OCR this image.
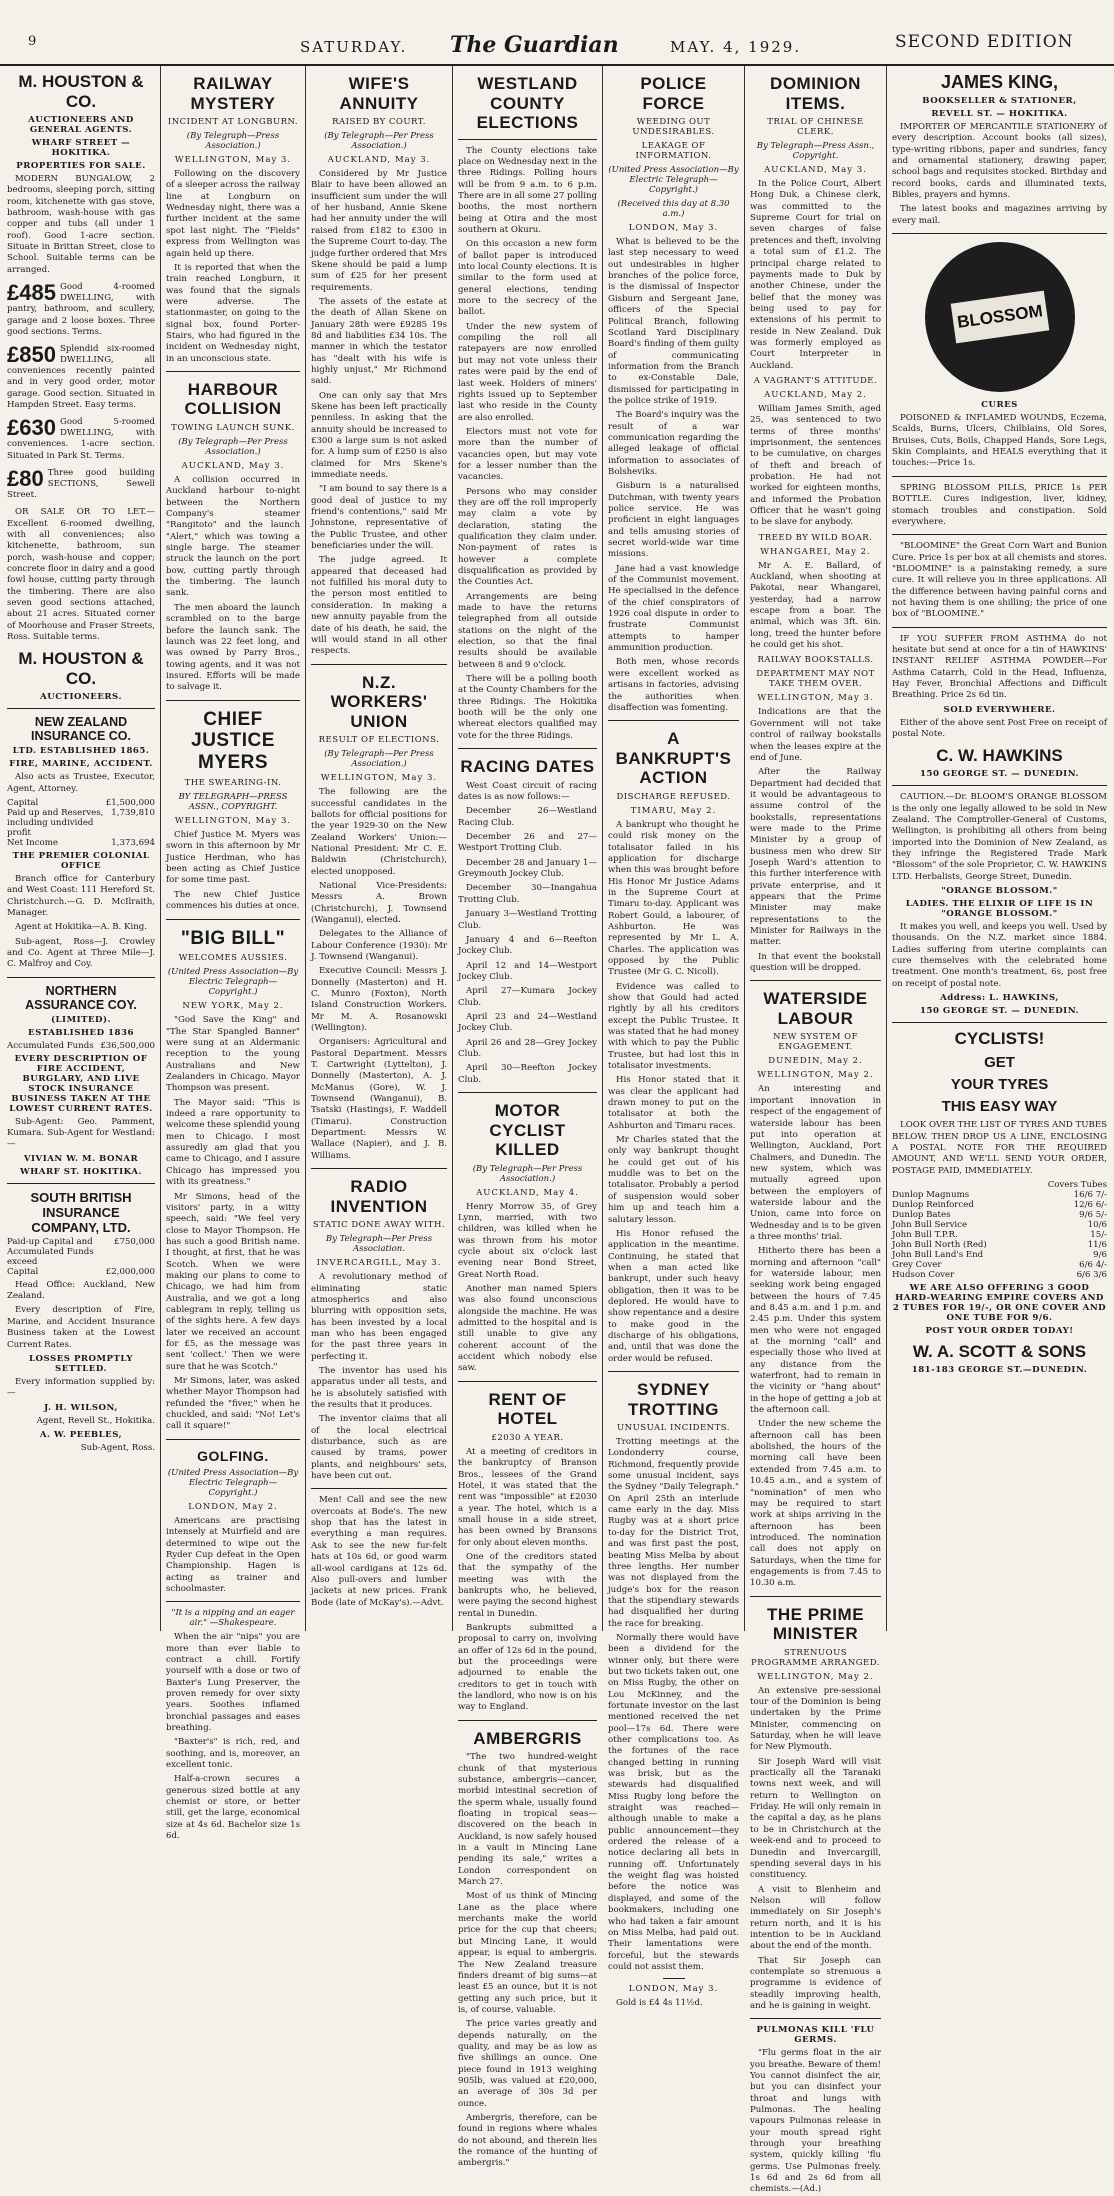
9	SATURDAY. The Guardian	MAY. 4, 1929.	SECOND EDITION
M. HOUSTON & CO.
AUCTIONEERS AND GENERAL AGENTS.
WHARF STREET — HOKITIKA.
PROPERTIES FOR SALE.
MODERN BUNGALOW, 2 bedrooms, sleeping porch, sitting room, kitchenette with gas stove, bathroom, wash-house with gas copper and tubs (all under 1 roof). Good 1-acre section. Situate in Brittan Street, close to School. Suitable terms can be arranged.
£485 Good 4-roomed DWELLING, with pantry, bathroom, and scullery, garage and 2 loose boxes. Three good sections. Terms.
£850 Splendid six-roomed DWELLING, all conveniences recently painted and in very good order, motor garage. Good section. Situated in Hampden Street. Easy terms.
£630 Good 5-roomed DWELLING, with conveniences. 1-acre section. Situated in Park St. Terms.
£80 Three good building SECTIONS, Sewell Street.
OR SALE OR TO LET.—Excellent 6-roomed dwelling, with all conveniences; also kitchenette, bathroom, sun porch, wash-house and copper; concrete floor in dairy and a good fowl house, cutting party through the timbering. There are also seven good sections attached, about 21 acres. Situated corner of Moorhouse and Fraser Streets, Ross. Suitable terms.
M. HOUSTON & CO.
AUCTIONEERS.
NEW ZEALAND INSURANCE CO.
LTD. ESTABLISHED 1865.
FIRE, MARINE, ACCIDENT.
Also acts as Trustee, Executor, Agent, Attorney.
Capital	£1,500,000
Paid up and Reserves, including undivided profit
1,739,810
Net Income	1,373,694
THE PREMIER COLONIAL OFFICE
Branch office for Canterbury and West Coast: 111 Hereford St. Christchurch.—G. D. McIlraith, Manager.
Agent at Hokitika—A. B. King.
Sub-agent, Ross—J. Crowley and Co. Agent at Three Mile—J. C. Malfroy and Coy.
NORTHERN ASSURANCE COY.
(LIMITED).
ESTABLISHED 1836
Accumulated Funds £36,500,000
EVERY DESCRIPTION OF FIRE ACCIDENT, BURGLARY, AND LIVE STOCK INSURANCE BUSINESS TAKEN AT THE LOWEST CURRENT RATES.
Sub-Agent: Geo. Pamment, Kumara. Sub-Agent for Westland:—
VIVIAN W. M. BONAR
WHARF ST. HOKITIKA.
SOUTH BRITISH INSURANCE COMPANY, LTD.
Paid-up Capital and Accumulated Funds exceed
£750,000
Capital	£2,000,000
Head Office: Auckland, New Zealand.
Every description of Fire, Marine, and Accident Insurance Business taken at the Lowest Current Rates.
LOSSES PROMPTLY SETTLED.
Every information supplied by:—
J. H. WILSON,
Agent, Revell St., Hokitika.
A. W. PEEBLES,
Sub-Agent, Ross.
RAILWAY MYSTERY
INCIDENT AT LONGBURN.
(By Telegraph—Press Association.)
WELLINGTON, May 3.
Following on the discovery of a sleeper across the railway line at Longburn on Wednesday night, there was a further incident at the same spot last night. The "Fields" express from Wellington was again held up there.
It is reported that when the train reached Longburn, it was found that the signals were adverse. The stationmaster, on going to the signal box, found Porter-Stairs, who had figured in the incident on Wednesday night, in an unconscious state.
HARBOUR COLLISION
TOWING LAUNCH SUNK.
(By Telegraph—Per Press Association.)
AUCKLAND, May 3.
A collision occurred in Auckland harbour to-night between the Northern Company's steamer "Rangitoto" and the launch "Alert," which was towing a single barge. The steamer struck the launch on the port bow, cutting partly through the timbering. The launch sank.
The men aboard the launch scrambled on to the barge before the launch sank. The launch was 22 feet long, and was owned by Parry Bros., towing agents, and it was not insured. Efforts will be made to salvage it.
CHIEF JUSTICE MYERS
THE SWEARING-IN.
BY TELEGRAPH—PRESS ASSN., COPYRIGHT.
WELLINGTON, May 3.
Chief Justice M. Myers was sworn in this afternoon by Mr Justice Herdman, who has been acting as Chief Justice for some time past.
The new Chief Justice commences his duties at once.
"BIG BILL"
WELCOMES AUSSIES.
(United Press Association—By Electric Telegraph—Copyright.)
NEW YORK, May 2.
"God Save the King" and "The Star Spangled Banner" were sung at an Aldermanic reception to the young Australians and New Zealanders in Chicago. Mayor Thompson was present.
The Mayor said: "This is indeed a rare opportunity to welcome these splendid young men to Chicago. I most assuredly am glad that you came to Chicago, and I assure Chicago has impressed you with its greatness."
Mr Simons, head of the visitors' party, in a witty speech, said: "We feel very close to Mayor Thompson. He has such a good British name. I thought, at first, that he was Scotch. When we were making our plans to come to Chicago, we had him from Australia, and we got a long cablegram in reply, telling us of the sights here. A few days later we received an account for £5, as the message was sent 'collect.' Then we were sure that he was Scotch."
Mr Simons, later, was asked whether Mayor Thompson had refunded the "fiver," when he chuckled, and said: "No! Let's call it square!"
GOLFING.
(United Press Association—By Electric Telegraph—Copyright.)
LONDON, May 2.
Americans are practising intensely at Muirfield and are determined to wipe out the Ryder Cup defeat in the Open Championship. Hagen is acting as trainer and schoolmaster.
"It is a nipping and an eager air." —Shakespeare.
When the air "nips" you are more than ever liable to contract a chill. Fortify yourself with a dose or two of Baxter's Lung Preserver, the proven remedy for over sixty years. Soothes inflamed bronchial passages and eases breathing.
"Baxter's" is rich, red, and soothing, and is, moreover, an excellent tonic.
Half-a-crown secures a generous sized bottle at any chemist or store, or better still, get the large, economical size at 4s 6d. Bachelor size 1s 6d.
WIFE'S ANNUITY
RAISED BY COURT.
(By Telegraph—Per Press Association.)
AUCKLAND, May 3.
Considered by Mr Justice Blair to have been allowed an insufficient sum under the will of her husband, Annie Skene had her annuity under the will raised from £182 to £300 in the Supreme Court to-day. The judge further ordered that Mrs Skene should be paid a lump sum of £25 for her present requirements.
The assets of the estate at the death of Allan Skene on January 28th were £9285 19s 8d and liabilities £34 10s. The manner in which the testator has "dealt with his wife is highly unjust," Mr Richmond said.
One can only say that Mrs Skene has been left practically penniless. In asking that the annuity should be increased to £300 a large sum is not asked for. A lump sum of £250 is also claimed for Mrs Skene's immediate needs.
"I am bound to say there is a good deal of justice to my friend's contentions," said Mr Johnstone, representative of the Public Trustee, and other beneficiaries under the will.
The judge agreed. It appeared that deceased had not fulfilled his moral duty to the person most entitled to consideration. In making a new annuity payable from the date of his death, he said, the will would stand in all other respects.
N.Z. WORKERS' UNION
RESULT OF ELECTIONS.
(By Telegraph—Per Press Association.)
WELLINGTON, May 3.
The following are the successful candidates in the ballots for official positions for the year 1929-30 on the New Zealand Workers' Union:—National President: Mr C. E. Baldwin (Christchurch), elected unopposed.
National Vice-Presidents: Messrs A. Brown (Christchurch), J. Townsend (Wanganui), elected.
Delegates to the Alliance of Labour Conference (1930): Mr J. Townsend (Wanganui).
Executive Council: Messrs J. Donnelly (Masterton) and H. C. Munro (Foxton), North Island Construction Workers. Mr M. A. Rosanowski (Wellington).
Organisers: Agricultural and Pastoral Department. Messrs T. Cartwright (Lyttelton), J. Donnelly (Masterton), A. J. McManus (Gore), W. J. Townsend (Wanganui), B. Tsatski (Hastings), F. Waddell (Timaru). Construction Department: Messrs W. Wallace (Napier), and J. B. Williams.
RADIO INVENTION
STATIC DONE AWAY WITH.
By Telegraph—Per Press Association.
INVERCARGILL, May 3.
A revolutionary method of eliminating static atmospherics and also blurring with opposition sets, has been invested by a local man who has been engaged for the past three years in perfecting it.
The inventor has used his apparatus under all tests, and he is absolutely satisfied with the results that it produces.
The inventor claims that all of the local electrical disturbance, such as are caused by trams, power plants, and neighbours' sets, have been cut out.
Men! Call and see the new overcoats at Bode's. The new shop that has the latest in everything a man requires. Ask to see the new fur-felt hats at 10s 6d, or good warm all-wool cardigans at 12s 6d. Also pull-overs and lumber jackets at new prices. Frank Bode (late of McKay's).—Advt.
WESTLAND COUNTY ELECTIONS
The County elections take place on Wednesday next in the three Ridings. Polling hours will be from 9 a.m. to 6 p.m. There are in all some 27 polling booths, the most northern being at Otira and the most southern at Okuru.
On this occasion a new form of ballot paper is introduced into local County elections. It is similar to the form used at general elections, tending more to the secrecy of the ballot.
Under the new system of compiling the roll all ratepayers are now enrolled but may not vote unless their rates were paid by the end of last week. Holders of miners' rights issued up to September last who reside in the County are also enrolled.
Electors must not vote for more than the number of vacancies open, but may vote for a lesser number than the vacancies.
Persons who may consider they are off the roll improperly may claim a vote by declaration, stating the qualification they claim under. Non-payment of rates is however a complete disqualification as provided by the Counties Act.
Arrangements are being made to have the returns telegraphed from all outside stations on the night of the election, so that the final results should be available between 8 and 9 o'clock.
There will be a polling booth at the County Chambers for the three Ridings. The Hokitika booth will be the only one whereat electors qualified may vote for the three Ridings.
RACING DATES
West Coast circuit of racing dates is as now follows:—
December 26—Westland Racing Club.
December 26 and 27—Westport Trotting Club.
December 28 and January 1—Greymouth Jockey Club.
December 30—Inangahua Trotting Club.
January 3—Westland Trotting Club.
January 4 and 6—Reefton Jockey Club.
April 12 and 14—Westport Jockey Club.
April 27—Kumara Jockey Club.
April 23 and 24—Westland Jockey Club.
April 26 and 28—Grey Jockey Club.
April 30—Reefton Jockey Club.
MOTOR CYCLIST KILLED
(By Telegraph—Per Press Association.)
AUCKLAND, May 4.
Henry Morrow 35, of Grey Lynn, married, with two children, was killed when he was thrown from his motor cycle about six o'clock last evening near Bond Street, Great North Road.
Another man named Spiers was also found unconscious alongside the machine. He was admitted to the hospital and is still unable to give any coherent account of the accident which nobody else saw.
RENT OF HOTEL
£2030 A YEAR.
At a meeting of creditors in the bankruptcy of Branson Bros., lessees of the Grand Hotel, it was stated that the rent was "impossible" at £2030 a year. The hotel, which is a small house in a side street, has been owned by Bransons for only about eleven months.
One of the creditors stated that the sympathy of the meeting was with the bankrupts who, he believed, were paying the second highest rental in Dunedin.
Bankrupts submitted a proposal to carry on, involving an offer of 12s 6d in the pound, but the proceedings were adjourned to enable the creditors to get in touch with the landlord, who now is on his way to England.
AMBERGRIS
"The two hundred-weight chunk of that mysterious substance, ambergris—cancer, morbid intestinal secretion of the sperm whale, usually found floating in tropical seas—discovered on the beach in Auckland, is now safely housed in a vault in Mincing Lane pending its sale," writes a London correspondent on March 27.
Most of us think of Mincing Lane as the place where merchants make the world price for the cup that cheers; but Mincing Lane, it would appear, is equal to ambergris. The New Zealand treasure finders dreamt of big sums—at least £5 an ounce, but it is not getting any such price, but it is, of course, valuable.
The price varies greatly and depends naturally, on the quality, and may be as low as five shillings an ounce. One piece found in 1913 weighing 905lb, was valued at £20,000, an average of 30s 3d per ounce.
Ambergris, therefore, can be found in regions where whales do not abound, and therein lies the romance of the hunting of ambergris."
POLICE FORCE
WEEDING OUT UNDESIRABLES.
LEAKAGE OF INFORMATION.
(United Press Association—By Electric Telegraph—Copyright.)
(Received this day at 8.30 a.m.)
LONDON, May 3.
What is believed to be the last step necessary to weed out undesirables in higher branches of the police force, is the dismissal of Inspector Gisburn and Sergeant Jane, officers of the Special Political Branch, following Scotland Yard Disciplinary Board's finding of them guilty of communicating information from the Branch to ex-Constable Dale, dismissed for participating in the police strike of 1919.
The Board's inquiry was the result of a war communication regarding the alleged leakage of official information to associates of Bolsheviks.
Gisburn is a naturalised Dutchman, with twenty years police service. He was proficient in eight languages and tells amusing stories of secret world-wide war time missions.
Jane had a vast knowledge of the Communist movement. He specialised in the defence of the chief conspirators of 1926 coal dispute in order to frustrate Communist attempts to hamper ammunition production.
Both men, whose records were excellent worked as artisans in factories, advising the authorities when disaffection was fomenting.
A BANKRUPT'S ACTION
DISCHARGE REFUSED.
TIMARU, May 2.
A bankrupt who thought he could risk money on the totalisator failed in his application for discharge when this was brought before His Honor Mr Justice Adams in the Supreme Court at Timaru to-day. Applicant was Robert Gould, a labourer, of Ashburton. He was represented by Mr L. A. Charles. The application was opposed by the Public Trustee (Mr G. C. Nicoll).
Evidence was called to show that Gould had acted rightly by all his creditors except the Public Trustee. It was stated that he had money with which to pay the Public Trustee, but had lost this in totalisator investments.
His Honor stated that it was clear the applicant had drawn money to put on the totalisator at both the Ashburton and Timaru races.
Mr Charles stated that the only way bankrupt thought he could get out of his muddle was to bet on the totalisator. Probably a period of suspension would sober him up and teach him a salutary lesson.
His Honor refused the application in the meantime. Continuing, he stated that when a man acted like bankrupt, under such heavy obligation, then it was to be deplored. He would have to show repentance and a desire to make good in the discharge of his obligations, and, until that was done the order would be refused.
SYDNEY TROTTING
UNUSUAL INCIDENTS.
Trotting meetings at the Londonderry course, Richmond, frequently provide some unusual incident, says the Sydney "Daily Telegraph." On April 25th an interlude came early in the day. Miss Rugby was at a short price to-day for the District Trot, and was first past the post, beating Miss Melba by about three lengths. Her number was not displayed from the judge's box for the reason that the stipendiary stewards had disqualified her during the race for breaking.
Normally there would have been a dividend for the winner only, but there were but two tickets taken out, one on Miss Rugby, the other on Lou McKinney, and the fortunate investor on the last mentioned received the net pool—17s 6d. There were other complications too. As the fortunes of the race changed betting in running was brisk, but as the stewards had disqualified Miss Rugby long before the straight was reached—although unable to make a public announcement—they ordered the release of a notice declaring all bets in running off. Unfortunately the weight flag was hoisted before the notice was displayed, and some of the bookmakers, including one who had taken a fair amount on Miss Melba, had paid out. Their lamentations were forceful, but the stewards could not assist them.
LONDON, May 3.
Gold is £4 4s 11½d.
DOMINION ITEMS.
TRIAL OF CHINESE CLERK.
By Telegraph—Press Assn., Copyright.
AUCKLAND, May 3.
In the Police Court, Albert Hong Duk, a Chinese clerk, was committed to the Supreme Court for trial on seven charges of false pretences and theft, involving a total sum of £1.2. The principal charge related to payments made to Duk by another Chinese, under the belief that the money was being used to pay for extensions of his permit to reside in New Zealand. Duk was formerly employed as Court Interpreter in Auckland.
A VAGRANT'S ATTITUDE.
AUCKLAND, May 2.
William James Smith, aged 25, was sentenced to two terms of three months' imprisonment, the sentences to be cumulative, on charges of theft and breach of probation. He had not worked for eighteen months, and informed the Probation Officer that he wasn't going to be slave for anybody.
TREED BY WILD BOAR.
WHANGAREI, May 2.
Mr A. E. Ballard, of Auckland, when shooting at Pakotai, near Whangarei, yesterday, had a narrow escape from a boar. The animal, which was 3ft. 6in. long, treed the hunter before he could get his shot.
RAILWAY BOOKSTALLS.
DEPARTMENT MAY NOT TAKE THEM OVER.
WELLINGTON, May 3.
Indications are that the Government will not take control of railway bookstalls when the leases expire at the end of June.
After the Railway Department had decided that it would be advantageous to assume control of the bookstalls, representations were made to the Prime Minister by a group of business men who drew Sir Joseph Ward's attention to this further interference with private enterprise, and it appears that the Prime Minister may make representations to the Minister for Railways in the matter.
In that event the bookstall question will be dropped.
WATERSIDE LABOUR
NEW SYSTEM OF ENGAGEMENT.
DUNEDIN, May 2.
WELLINGTON, May 2.
An interesting and important innovation in respect of the engagement of waterside labour has been put into operation at Wellington, Auckland, Port Chalmers, and Dunedin. The new system, which was mutually agreed upon between the employers of waterside labour and the Union, came into force on Wednesday and is to be given a three months' trial.
Hitherto there has been a morning and afternoon "call" for waterside labour, men seeking work being engaged between the hours of 7.45 and 8.45 a.m. and 1 p.m. and 2.45 p.m. Under this system men who were not engaged at the morning "call" and especially those who lived at any distance from the waterfront, had to remain in the vicinity or "hang about" in the hope of getting a job at the afternoon call.
Under the new scheme the afternoon call has been abolished, the hours of the morning call have been extended from 7.45 a.m. to 10.45 a.m., and a system of "nomination" of men who may be required to start work at ships arriving in the afternoon has been introduced. The nomination call does not apply on Saturdays, when the time for engagements is from 7.45 to 10.30 a.m.
THE PRIME MINISTER
STRENUOUS PROGRAMME ARRANGED.
WELLINGTON, May 2.
An extensive pre-sessional tour of the Dominion is being undertaken by the Prime Minister, commencing on Saturday, when he will leave for New Plymouth.
Sir Joseph Ward will visit practically all the Taranaki towns next week, and will return to Wellington on Friday. He will only remain in the capital a day, as he plans to be in Christchurch at the week-end and to proceed to Dunedin and Invercargill, spending several days in his constituency.
A visit to Blenheim and Nelson will follow immediately on Sir Joseph's return north, and it is his intention to be in Auckland about the end of the month.
That Sir Joseph can contemplate so strenuous a programme is evidence of steadily improving health, and he is gaining in weight.
PULMONAS KILL 'FLU GERMS.
"Flu germs float in the air you breathe. Beware of them! You cannot disinfect the air, but you can disinfect your throat and lungs with Pulmonas. The healing vapours Pulmonas release in your mouth spread right through your breathing system, quickly killing 'flu germs. Use Pulmonas freely. 1s 6d and 2s 6d from all chemists.—(Ad.)
JAMES KING,
BOOKSELLER & STATIONER,
REVELL ST. — HOKITIKA.
IMPORTER OF MERCANTILE STATIONERY of every description. Account books (all sizes), type-writing ribbons, paper and sundries, fancy and ornamental stationery, drawing paper, school bags and requisites stocked. Birthday and record books, cards and illuminated texts, Bibles, prayers and hymns.
The latest books and magazines arriving by every mail.
BLOSSOM
CURES
POISONED & INFLAMED WOUNDS, Eczema, Scalds, Burns, Ulcers, Chilblains, Old Sores, Bruises, Cuts, Boils, Chapped Hands, Sore Legs, Skin Complaints, and HEALS everything that it touches:—Price 1s.
SPRING BLOSSOM PILLS, PRICE 1s PER BOTTLE. Cures indigestion, liver, kidney, stomach troubles and constipation. Sold everywhere.
"BLOOMINE" the Great Corn Wart and Bunion Cure. Price 1s per box at all chemists and stores. "BLOOMINE" is a painstaking remedy, a sure cure. It will relieve you in three applications. All the difference between having painful corns and not having them is one shilling; the price of one box of "BLOOMINE."
IF YOU SUFFER FROM ASTHMA do not hesitate but send at once for a tin of HAWKINS' INSTANT RELIEF ASTHMA POWDER—For Asthma Catarrh, Cold in the Head, Influenza, Hay Fever, Bronchial Affections and Difficult Breathing. Price 2s 6d tin.
SOLD EVERYWHERE.
Either of the above sent Post Free on receipt of postal Note.
C. W. HAWKINS
150 GEORGE ST. — DUNEDIN.
CAUTION.—Dr. BLOOM'S ORANGE BLOSSOM is the only one legally allowed to be sold in New Zealand. The Comptroller-General of Customs, Wellington, is prohibiting all others from being imported into the Dominion of New Zealand, as they infringe the Registered Trade Mark "Blossom" of the sole Proprietor, C. W. HAWKINS LTD. Herbalists, George Street, Dunedin.
"ORANGE BLOSSOM."
LADIES. THE ELIXIR OF LIFE IS IN "ORANGE BLOSSOM."
It makes you well, and keeps you well. Used by thousands. On the N.Z. market since 1884. Ladies suffering from uterine complaints can cure themselves with the celebrated home treatment. One month's treatment, 6s, post free on receipt of postal note.
Address: L. HAWKINS,
150 GEORGE ST. — DUNEDIN.
CYCLISTS!
GET
YOUR TYRES
THIS EASY WAY
LOOK OVER THE LIST OF TYRES AND TUBES BELOW. THEN DROP US A LINE, ENCLOSING A POSTAL NOTE FOR THE REQUIRED AMOUNT, AND WE'LL SEND YOUR ORDER, POSTAGE PAID, IMMEDIATELY.
Covers Tubes
Dunlop Magnums	16/6 7/-
Dunlop Reinforced	12/6 6/-
Dunlop Bates	9/6 5/-
John Bull Service	10/6
John Bull T.P.R.	15/-
John Bull North (Red)	11/6
John Bull Land's End	9/6
Grey Cover	6/6 4/-
Hudson Cover	6/6 3/6
WE ARE ALSO OFFERING 3 GOOD HARD-WEARING EMPIRE COVERS AND 2 TUBES FOR 19/-, OR ONE COVER AND ONE TUBE FOR 9/6.
POST YOUR ORDER TODAY!
W. A. SCOTT & SONS
181-183 GEORGE ST.—DUNEDIN.
